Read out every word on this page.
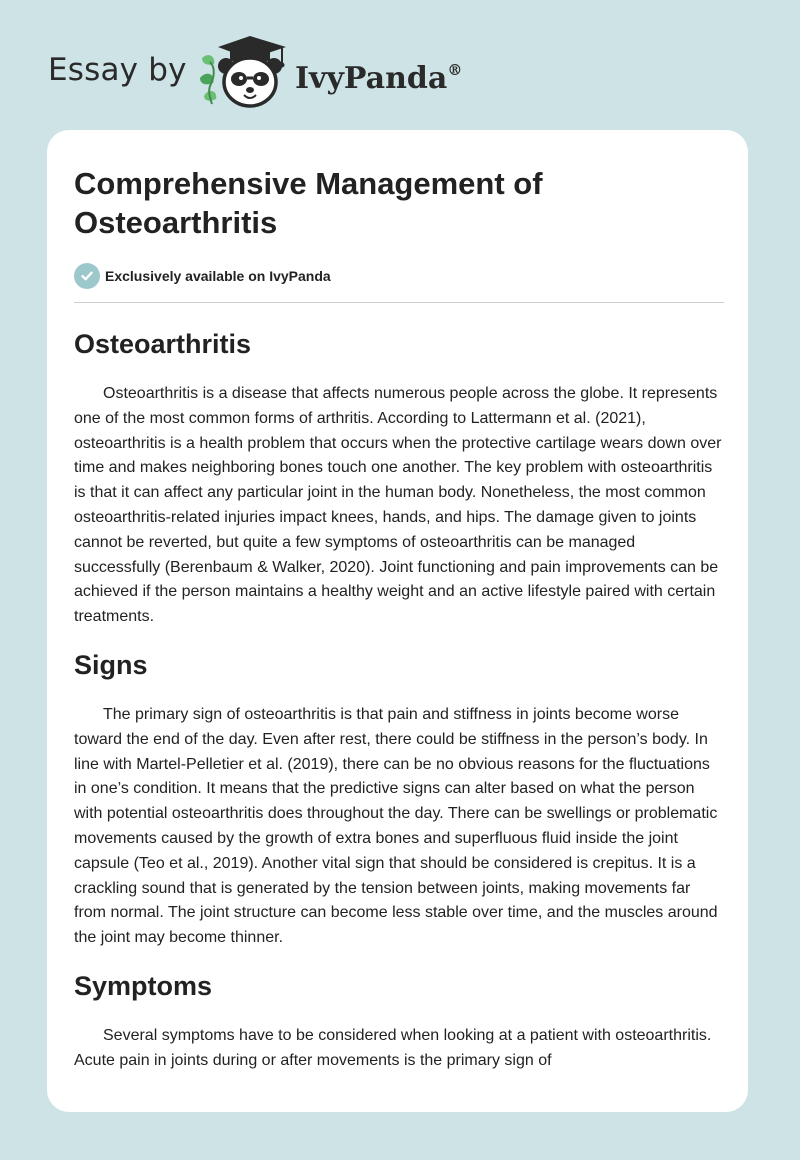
Essay by	IvyPanda®
Comprehensive Management of Osteoarthritis
Exclusively available on IvyPanda
Osteoarthritis

Osteoarthritis is a disease that affects numerous people across the globe. It represents one of the most common forms of arthritis. According to Lattermann et al. (2021), osteoarthritis is a health problem that occurs when the protective cartilage wears down over time and makes neighboring bones touch one another. The key problem with osteoarthritis is that it can affect any particular joint in the human body. Nonetheless, the most common osteoarthritis-related injuries impact knees, hands, and hips. The damage given to joints cannot be reverted, but quite a few symptoms of osteoarthritis can be managed successfully (Berenbaum & Walker, 2020). Joint functioning and pain improvements can be achieved if the person maintains a healthy weight and an active lifestyle paired with certain treatments.

Signs

The primary sign of osteoarthritis is that pain and stiffness in joints become worse toward the end of the day. Even after rest, there could be stiffness in the person’s body. In line with Martel-Pelletier et al. (2019), there can be no obvious reasons for the fluctuations in one’s condition. It means that the predictive signs can alter based on what the person with potential osteoarthritis does throughout the day. There can be swellings or problematic movements caused by the growth of extra bones and superfluous fluid inside the joint capsule (Teo et al., 2019). Another vital sign that should be considered is crepitus. It is a crackling sound that is generated by the tension between joints, making movements far from normal. The joint structure can become less stable over time, and the muscles around the joint may become thinner.

Symptoms

Several symptoms have to be considered when looking at a patient with osteoarthritis. Acute pain in joints during or after movements is the primary sign of
